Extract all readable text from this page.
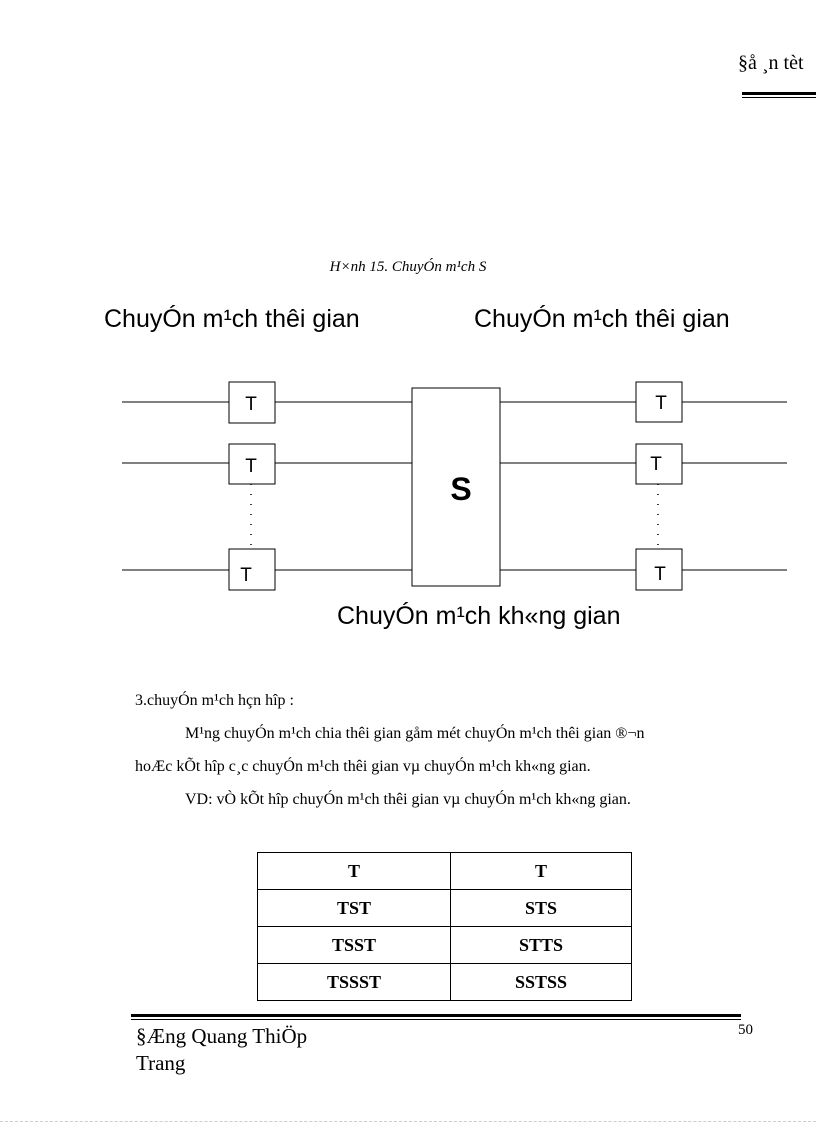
§å ¸n tèt
H×nh 15. ChuyÓn m¹ch S
ChuyÓn m¹ch thêi gian	ChuyÓn m¹ch thêi gian
ChuyÓn m¹ch kh«ng gian
T
T
T
T
T
T
S
3.chuyÓn m¹ch hçn hîp :
M¹ng chuyÓn m¹ch chia thêi gian gåm mét chuyÓn m¹ch thêi gian ®¬n
hoÆc kÕt hîp c¸c chuyÓn m¹ch thêi gian vµ chuyÓn m¹ch kh«ng gian.
VD: vÒ kÕt hîp chuyÓn m¹ch thêi gian vµ chuyÓn m¹ch kh«ng gian.
T	T
TST	STS
TSST	STTS
TSSST	SSTSS
§Æng Quang ThiÖp
Trang
50
